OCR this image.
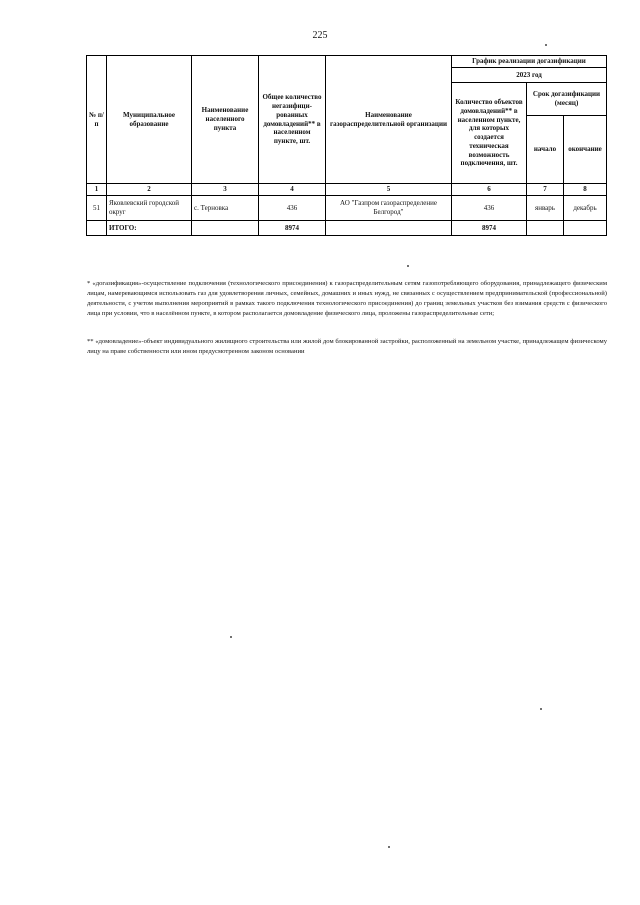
225
№ п/п	Муниципальное образование	Наименование населенного пункта	Общее количество негазифици-рованных домовладений** в населенном пункте, шт.	Наименование газораспределительной организации	График реализации догазификации		
					2023 год		
					Количество объектов домовладений** в населенном пункте, для которых создается техническая возможность подключения, шт.	Срок догазификации (месяц)	
						начало	окончание
1	2	3	4	5	6	7	8
51	Яковлевский городской округ	с. Терновка	436	АО "Газпром газораспределение Белгород"	436	январь	декабрь
	ИТОГО:		8974		8974		
* «догазификация»-осуществление подключения (технологического присоединения) к газораспределительным сетям газопотребляющего оборудования, принадлежащего физическим лицам, намеревающимся использовать газ для удовлетворения личных, семейных, домашних и иных нужд, не связанных с осуществлением предпринимательской (профессиональной) деятельности, с учетом выполнения мероприятий в рамках такого подключения технологического присоединения) до границ земельных участков без взимания средств с физического лица при условии, что в населённом пункте, в котором располагается домовладение физического лица, проложены газораспределительные сети;
** «домовладение»-объект индивидуального жилищного строительства или жилой дом блокированной застройки, расположенный на земельном участке, принадлежащем физическому лицу на праве собственности или ином предусмотренном законом основании
